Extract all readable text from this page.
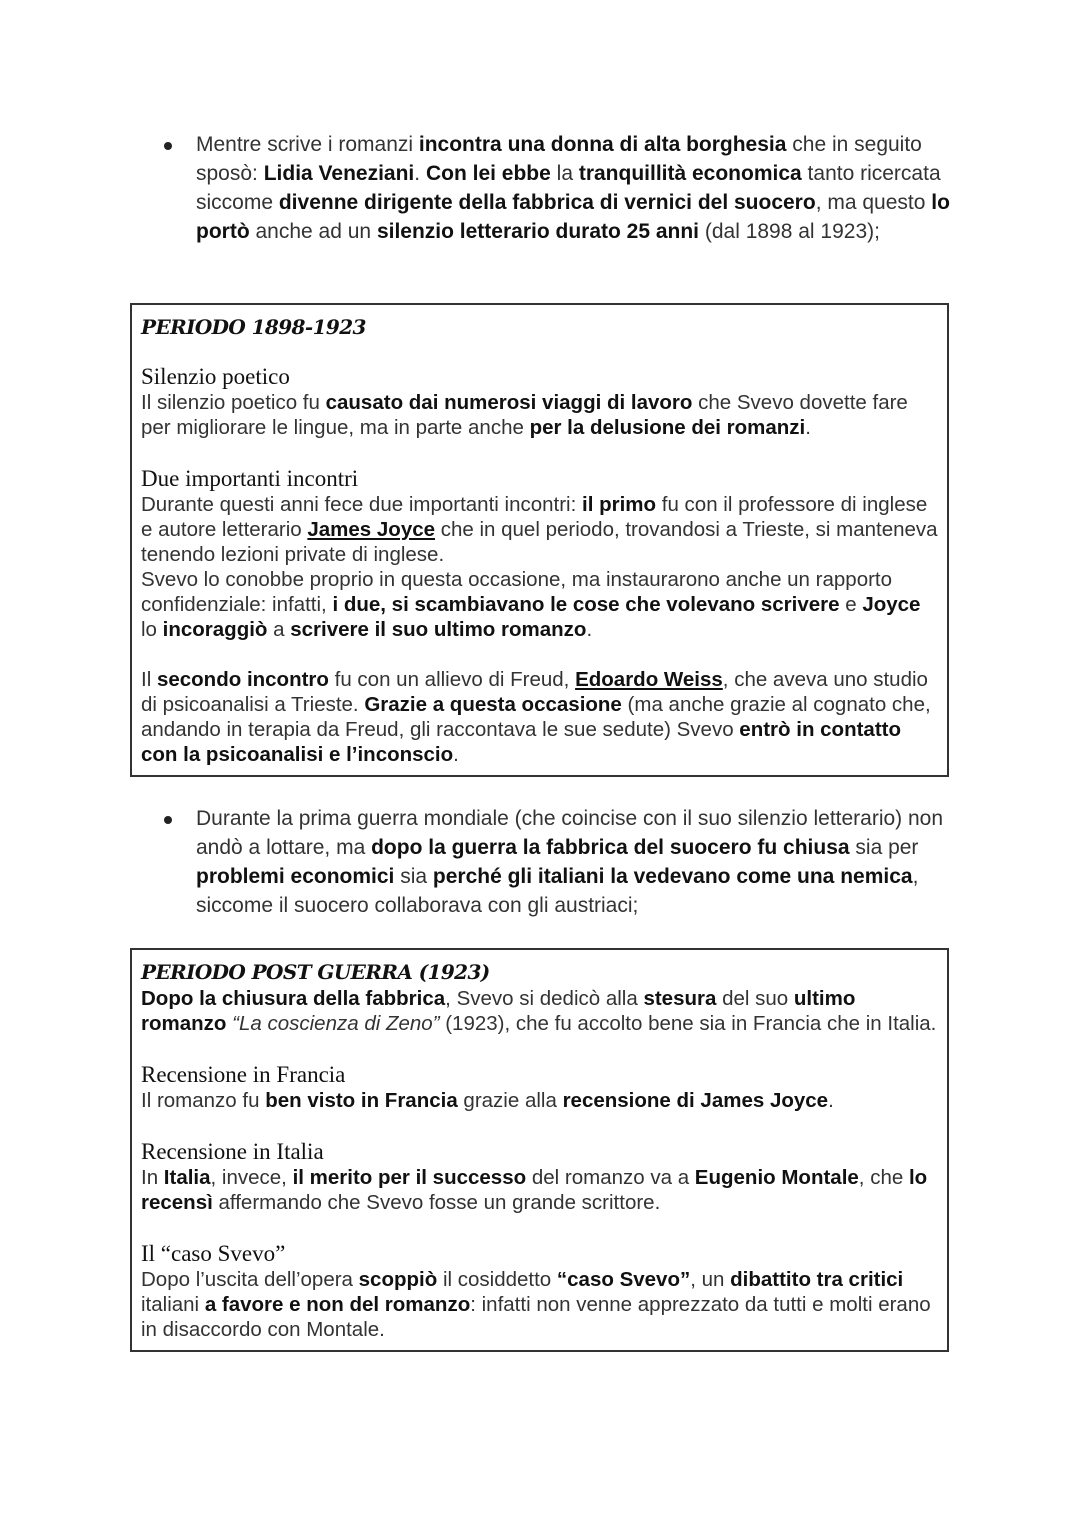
Mentre scrive i romanzi incontra una donna di alta borghesia che in seguito sposò: Lidia Veneziani. Con lei ebbe la tranquillità economica tanto ricercata siccome divenne dirigente della fabbrica di vernici del suocero, ma questo lo portò anche ad un silenzio letterario durato 25 anni (dal 1898 al 1923);

PERIODO 1898-1923

Silenzio poetico

Il silenzio poetico fu causato dai numerosi viaggi di lavoro che Svevo dovette fare per migliorare le lingue, ma in parte anche per la delusione dei romanzi.

Due importanti incontri

Durante questi anni fece due importanti incontri: il primo fu con il professore di inglese e autore letterario James Joyce che in quel periodo, trovandosi a Trieste, si manteneva tenendo lezioni private di inglese.

Svevo lo conobbe proprio in questa occasione, ma instaurarono anche un rapporto confidenziale: infatti, i due, si scambiavano le cose che volevano scrivere e Joyce lo incoraggiò a scrivere il suo ultimo romanzo.

Il secondo incontro fu con un allievo di Freud, Edoardo Weiss, che aveva uno studio di psicoanalisi a Trieste. Grazie a questa occasione (ma anche grazie al cognato che, andando in terapia da Freud, gli raccontava le sue sedute) Svevo entrò in contatto con la psicoanalisi e l’inconscio.

Durante la prima guerra mondiale (che coincise con il suo silenzio letterario) non andò a lottare, ma dopo la guerra la fabbrica del suocero fu chiusa sia per problemi economici sia perché gli italiani la vedevano come una nemica, siccome il suocero collaborava con gli austriaci;

PERIODO POST GUERRA (1923)

Dopo la chiusura della fabbrica, Svevo si dedicò alla stesura del suo ultimo romanzo “La coscienza di Zeno” (1923), che fu accolto bene sia in Francia che in Italia.

Recensione in Francia

Il romanzo fu ben visto in Francia grazie alla recensione di James Joyce.

Recensione in Italia

In Italia, invece, il merito per il successo del romanzo va a Eugenio Montale, che lo recensì affermando che Svevo fosse un grande scrittore.

Il “caso Svevo”

Dopo l’uscita dell’opera scoppiò il cosiddetto “caso Svevo”, un dibattito tra critici italiani a favore e non del romanzo: infatti non venne apprezzato da tutti e molti erano in disaccordo con Montale.
